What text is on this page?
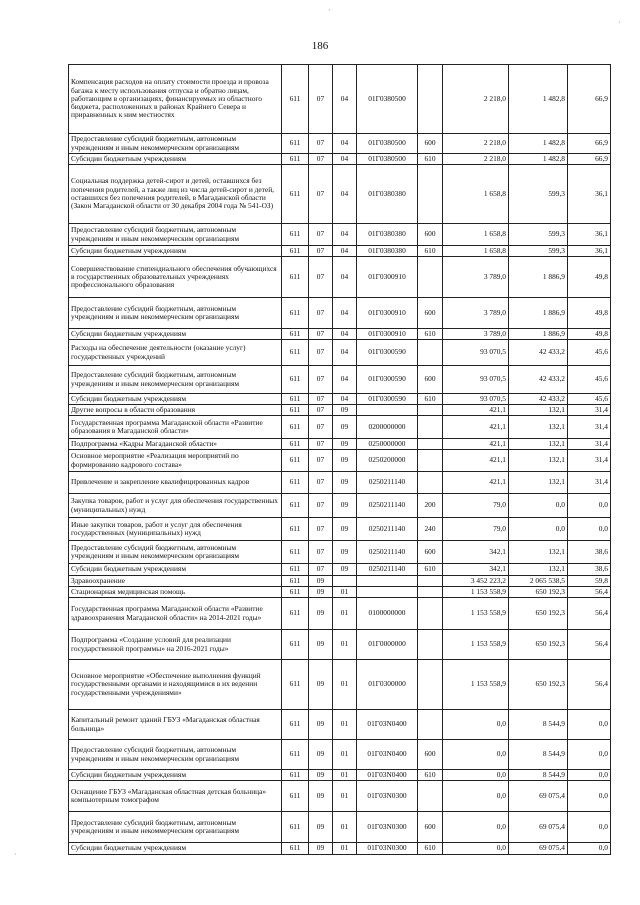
186
Компенсация расходов на оплату стоимости проезда и провоза багажа к месту использования отпуска и обратно лицам, работающим в организациях, финансируемых из областного бюджета, расположенных в районах Крайнего Севера и приравненных к ним местностях	611	07	04	01Г0380500		2 218,0	1 482,8	66,9
Предоставление субсидий бюджетным, автономным учреждениям и иным некоммерческим организациям	611	07	04	01Г0380500	600	2 218,0	1 482,8	66,9
Субсидии бюджетным учреждениям	611	07	04	01Г0380500	610	2 218,0	1 482,8	66,9
Социальная поддержка детей-сирот и детей, оставшихся без попечения родителей, а также лиц из числа детей-сирот и детей, оставшихся без попечения родителей, в Магаданской области (Закон Магаданской области от 30 декабря 2004 года № 541-ОЗ)	611	07	04	01Г0380380		1 658,8	599,3	36,1
Предоставление субсидий бюджетным, автономным учреждениям и иным некоммерческим организациям	611	07	04	01Г0380380	600	1 658,8	599,3	36,1
Субсидии бюджетным учреждениям	611	07	04	01Г0380380	610	1 658,8	599,3	36,1
Совершенствование стипендиального обеспечения обучающихся в государственных образовательных учреждениях профессионального образования	611	07	04	01Г0300910		3 789,0	1 886,9	49,8
Предоставление субсидий бюджетным, автономным учреждениям и иным некоммерческим организациям	611	07	04	01Г0300910	600	3 789,0	1 886,9	49,8
Субсидии бюджетным учреждениям	611	07	04	01Г0300910	610	3 789,0	1 886,9	49,8
Расходы на обеспечение деятельности (оказание услуг) государственных учреждений	611	07	04	01Г0300590		93 070,5	42 433,2	45,6
Предоставление субсидий бюджетным, автономным учреждениям и иным некоммерческим организациям	611	07	04	01Г0300590	600	93 070,5	42 433,2	45,6
Субсидии бюджетным учреждениям	611	07	04	01Г0300590	610	93 070,5	42 433,2	45,6
Другие вопросы в области образования	611	07	09			421,1	132,1	31,4
Государственная программа Магаданской области «Развитие образования в Магаданской области»	611	07	09	0200000000		421,1	132,1	31,4
Подпрограмма «Кадры Магаданской области»	611	07	09	0250000000		421,1	132,1	31,4
Основное мероприятие «Реализация мероприятий по формированию кадрового состава»	611	07	09	0250200000		421,1	132,1	31,4
Привлечение и закрепление квалифицированных кадров	611	07	09	0250211140		421,1	132,1	31,4
Закупка товаров, работ и услуг для обеспечения государственных (муниципальных) нужд	611	07	09	0250211140	200	79,0	0,0	0,0
Иные закупки товаров, работ и услуг для обеспечения государственных (муниципальных) нужд	611	07	09	0250211140	240	79,0	0,0	0,0
Предоставление субсидий бюджетным, автономным учреждениям и иным некоммерческим организациям	611	07	09	0250211140	600	342,1	132,1	38,6
Субсидии бюджетным учреждениям	611	07	09	0250211140	610	342,1	132,1	38,6
Здравоохранение	611	09				3 452 223,2	2 065 538,5	59,8
Стационарная медицинская помощь	611	09	01			1 153 558,9	650 192,3	56,4
Государственная программа Магаданской области «Развитие здравоохранения Магаданской области» на 2014-2021 годы»	611	09	01	0100000000		1 153 558,9	650 192,3	56,4
Подпрограмма «Создание условий для реализации государственной программы» на 2016-2021 годы»	611	09	01	01Г0000000		1 153 558,9	650 192,3	56,4
Основное мероприятие «Обеспечение выполнения функций государственными органами и находящимися в их ведении государственными учреждениями»	611	09	01	01Г0300000		1 153 558,9	650 192,3	56,4
Капитальный ремонт зданий ГБУЗ «Магаданская областная больница»	611	09	01	01Г03N0400		0,0	8 544,9	0,0
Предоставление субсидий бюджетным, автономным учреждениям и иным некоммерческим организациям	611	09	01	01Г03N0400	600	0,0	8 544,9	0,0
Субсидии бюджетным учреждениям	611	09	01	01Г03N0400	610	0,0	8 544,9	0,0
Оснащение ГБУЗ «Магаданская областная детская больница» компьютерным томографом	611	09	01	01Г03N0300		0,0	69 075,4	0,0
Предоставление субсидий бюджетным, автономным учреждениям и иным некоммерческим организациям	611	09	01	01Г03N0300	600	0,0	69 075,4	0,0
Субсидии бюджетным учреждениям	611	09	01	01Г03N0300	610	0,0	69 075,4	0,0
·
·
·
